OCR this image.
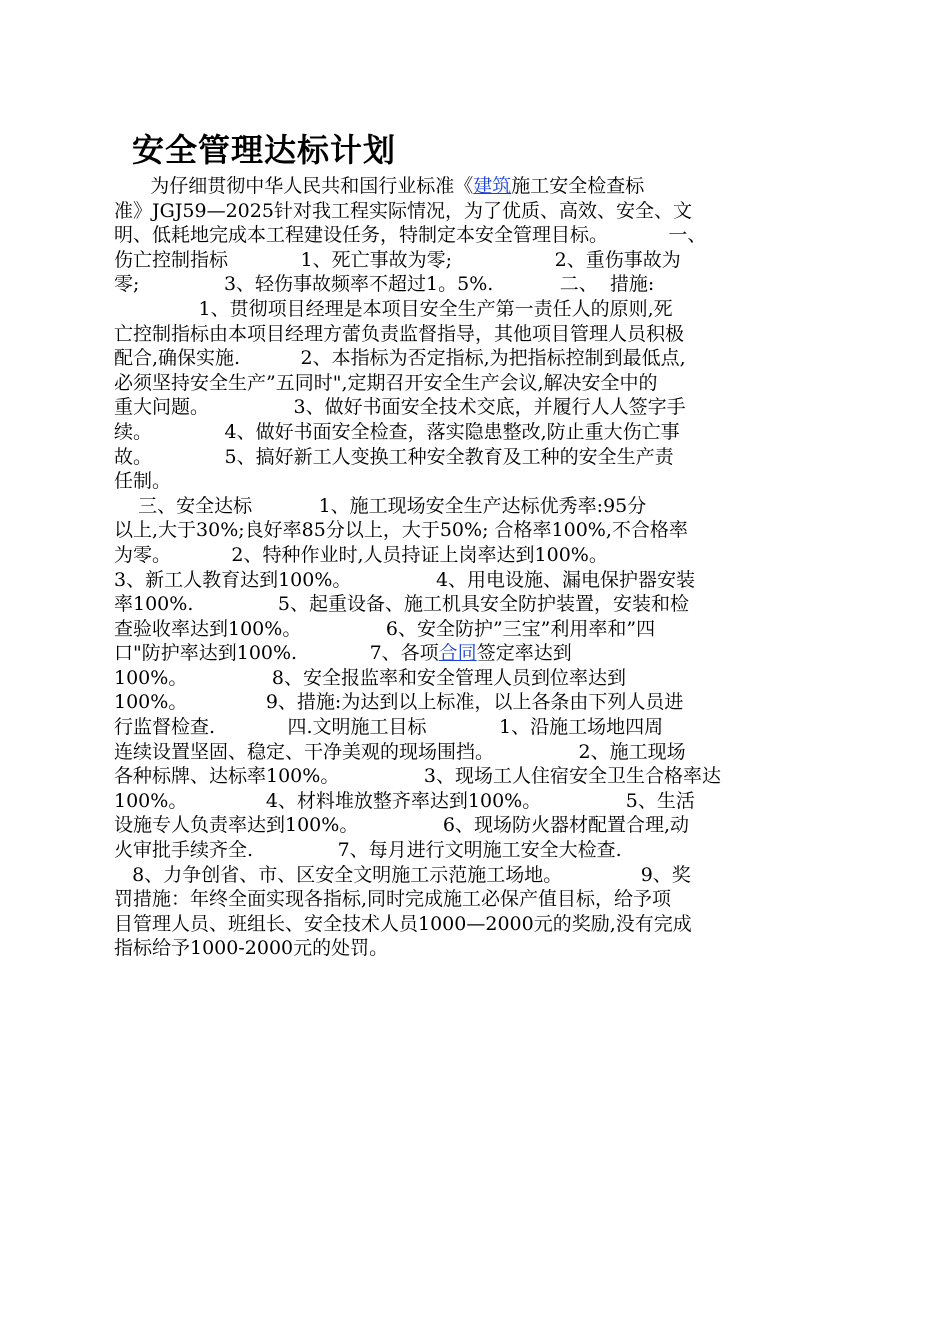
安全管理达标计划
为仔细贯彻中华人民共和国行业标准《建筑施工安全检查标
准》JGJ59—2025针对我工程实际情况，为了优质、高效、安全、文
明、低耗地完成本工程建设任务，特制定本安全管理目标。          一、
伤亡控制指标            1、死亡事故为零;                 2、重伤事故为
零;              3、轻伤事故频率不超过1。5%.           二、  措施:
1、贯彻项目经理是本项目安全生产第一责任人的原则,死
亡控制指标由本项目经理方蕾负责监督指导，其他项目管理人员积极
配合,确保实施.          2、本指标为否定指标,为把指标控制到最低点,
必须坚持安全生产”五同时",定期召开安全生产会议,解决安全中的
重大问题。              3、做好书面安全技术交底，并履行人人签字手
续。            4、做好书面安全检查，落实隐患整改,防止重大伤亡事
故。            5、搞好新工人变换工种安全教育及工种的安全生产责
任制。
三、安全达标           1、施工现场安全生产达标优秀率:95分
以上,大于30%;良好率85分以上，大于50%; 合格率100%,不合格率
为零。          2、特种作业时,人员持证上岗率达到100%。
3、新工人教育达到100%。              4、用电设施、漏电保护器安装
率100%.              5、起重设备、施工机具安全防护装置，安装和检
查验收率达到100%。              6、安全防护”三宝”利用率和”四
口"防护率达到100%.            7、各项合同签定率达到
100%。              8、安全报监率和安全管理人员到位率达到
100%。             9、措施:为达到以上标准，以上各条由下列人员进
行监督检查.            四.文明施工目标            1、沿施工场地四周
连续设置坚固、稳定、干净美观的现场围挡。              2、施工现场
各种标牌、达标率100%。              3、现场工人住宿安全卫生合格率达
100%。             4、材料堆放整齐率达到100%。              5、生活
设施专人负责率达到100%。              6、现场防火器材配置合理,动
火审批手续齐全.              7、每月进行文明施工安全大检查.
8、力争创省、市、区安全文明施工示范施工场地。             9、奖
罚措施：年终全面实现各指标,同时完成施工必保产值目标，给予项
目管理人员、班组长、安全技术人员1000—2000元的奖励,没有完成
指标给予1000-2000元的处罚。
